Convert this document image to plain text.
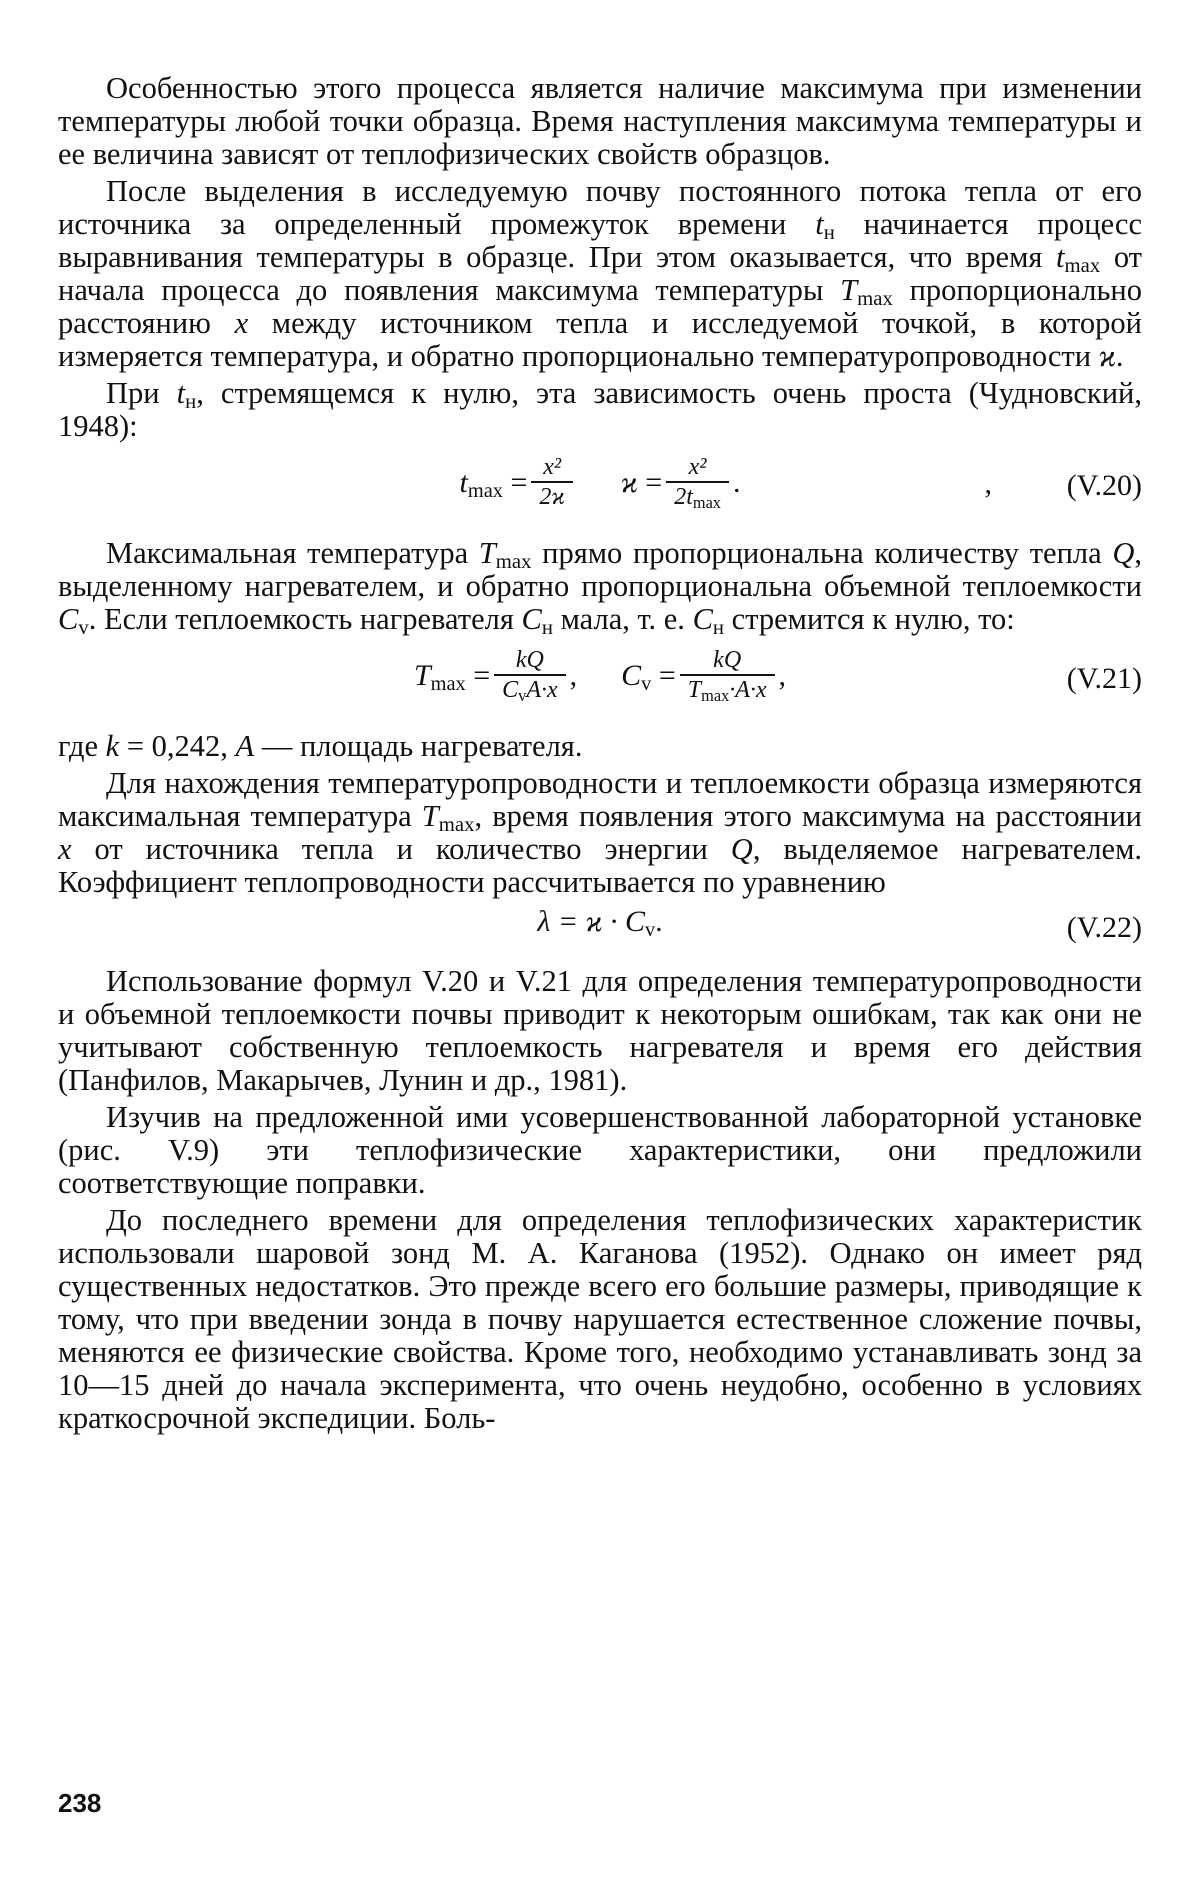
Особенностью этого процесса является наличие максимума при изменении температуры любой точки образца. Время наступления максимума температуры и ее величина зависят от теплофизических свойств образцов.

После выделения в исследуемую почву постоянного потока тепла от его источника за определенный промежуток времени $t_н$ начинается процесс выравнивания температуры в образце. При этом оказывается, что время $t_{max}$ от начала процесса до появления максимума температуры $T_{max}$ пропорционально расстоянию x между источником тепла и исследуемой точкой, в которой измеряется температура, и обратно пропорционально температуропроводности ϰ.

При $t_н$, стремящемся к нулю, эта зависимость очень проста (Чудновский, 1948):

$t_{max} = \frac{\text{x²}}{2ϰ}$ $ϰ = \frac{\text{x²}}{2t_{max}}$ .	, (V.20)

Максимальная температура $T_{max}$ прямо пропорциональна количеству тепла Q, выделенному нагревателем, и обратно пропорциональна объемной теплоемкости $C_v$. Если теплоемкость нагревателя $C_н$ мала, т. е. $C_н$ стремится к нулю, то:

$T_{max} = \frac{kQ}{C_vA\cdot x}$ , $C_v = \frac{kQ}{T_{max}\cdot A\cdot x}$ ,	(V.21)

где k = 0,242, A — площадь нагревателя.

Для нахождения температуропроводности и теплоемкости образца измеряются максимальная температура $T_{max}$, время появления этого максимума на расстоянии x от источника тепла и количество энергии Q, выделяемое нагревателем. Коэффициент теплопроводности рассчитывается по уравнению

$\lambda = ϰ \cdot C_v$.	(V.22)

Использование формул V.20 и V.21 для определения температуропроводности и объемной теплоемкости почвы приводит к некоторым ошибкам, так как они не учитывают собственную теплоемкость нагревателя и время его действия (Панфилов, Макарычев, Лунин и др., 1981).

Изучив на предложенной ими усовершенствованной лабораторной установке (рис. V.9) эти теплофизические характеристики, они предложили соответствующие поправки.

До последнего времени для определения теплофизических характеристик использовали шаровой зонд М. А. Каганова (1952). Однако он имеет ряд существенных недостатков. Это прежде всего его большие размеры, приводящие к тому, что при введении зонда в почву нарушается естественное сложение почвы, меняются ее физические свойства. Кроме того, необходимо устанавливать зонд за 10—15 дней до начала эксперимента, что очень неудобно, особенно в условиях краткосрочной экспедиции. Боль-

238
